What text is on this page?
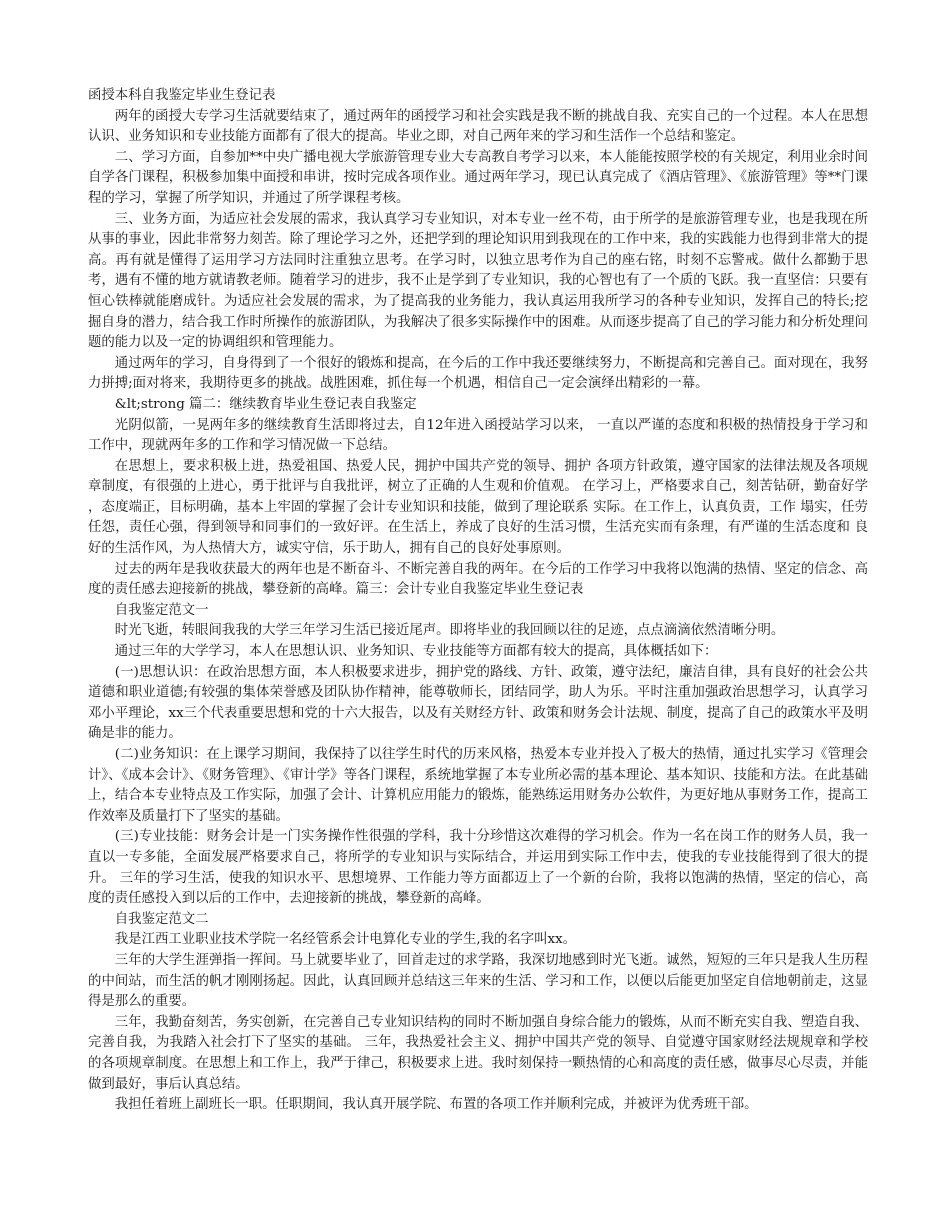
函授本科自我鉴定毕业生登记表

两年的函授大专学习生活就要结束了，通过两年的函授学习和社会实践是我不断的挑战自我、充实自己的一个过程。本人在思想认识、业务知识和专业技能方面都有了很大的提高。毕业之即，对自己两年来的学习和生活作一个总结和鉴定。

二、学习方面，自参加**中央广播电视大学旅游管理专业大专高教自考学习以来，本人能能按照学校的有关规定，利用业余时间自学各门课程，积极参加集中面授和串讲，按时完成各项作业。通过两年学习，现已认真完成了《酒店管理》、《旅游管理》等**门课程的学习，掌握了所学知识，并通过了所学课程考核。

三、业务方面，为适应社会发展的需求，我认真学习专业知识，对本专业一丝不苟，由于所学的是旅游管理专业，也是我现在所从事的事业，因此非常努力刻苦。除了理论学习之外，还把学到的理论知识用到我现在的工作中来，我的实践能力也得到非常大的提高。再有就是懂得了运用学习方法同时注重独立思考。在学习时，以独立思考作为自己的座右铭，时刻不忘警戒。做什么都勤于思考，遇有不懂的地方就请教老师。随着学习的进步，我不止是学到了专业知识，我的心智也有了一个质的飞跃。我一直坚信：只要有恒心铁棒就能磨成针。为适应社会发展的需求，为了提高我的业务能力，我认真运用我所学习的各种专业知识，发挥自己的特长;挖掘自身的潜力，结合我工作时所操作的旅游团队，为我解决了很多实际操作中的困难。从而逐步提高了自己的学习能力和分析处理问题的能力以及一定的协调组织和管理能力。

通过两年的学习，自身得到了一个很好的锻炼和提高，在今后的工作中我还要继续努力，不断提高和完善自己。面对现在，我努力拼搏;面对将来，我期待更多的挑战。战胜困难，抓住每一个机遇，相信自己一定会演绎出精彩的一幕。

&lt;strong 篇二：继续教育毕业生登记表自我鉴定

光阴似箭，一晃两年多的继续教育生活即将过去，自12年进入函授站学习以来， 一直以严谨的态度和积极的热情投身于学习和工作中，现就两年多的工作和学习情况做一下总结。

在思想上，要求积极上进，热爱祖国、热爱人民，拥护中国共产党的领导、拥护 各项方针政策，遵守国家的法律法规及各项规章制度，有很强的上进心，勇于批评与自我批评，树立了正确的人生观和价值观。 在学习上，严格要求自己，刻苦钻研，勤奋好学 ，态度端正，目标明确，基本上牢固的掌握了会计专业知识和技能，做到了理论联系 实际。在工作上，认真负责，工作 塌实，任劳任怨，责任心强，得到领导和同事们的一致好评。在生活上，养成了良好的生活习惯，生活充实而有条理，有严谨的生活态度和 良好的生活作风，为人热情大方，诚实守信，乐于助人，拥有自己的良好处事原则。

过去的两年是我收获最大的两年也是不断奋斗、不断完善自我的两年。在今后的工作学习中我将以饱满的热情、坚定的信念、高度的责任感去迎接新的挑战，攀登新的高峰。篇三：会计专业自我鉴定毕业生登记表

自我鉴定范文一

时光飞逝，转眼间我我的大学三年学习生活已接近尾声。即将毕业的我回顾以往的足迹，点点滴滴依然清晰分明。

通过三年的大学学习，本人在思想认识、业务知识、专业技能等方面都有较大的提高，具体概括如下：

(一)思想认识：在政治思想方面，本人积极要求进步，拥护党的路线、方针、政策，遵守法纪，廉洁自律，具有良好的社会公共道德和职业道德;有较强的集体荣誉感及团队协作精神，能尊敬师长，团结同学，助人为乐。平时注重加强政治思想学习，认真学习邓小平理论，xx三个代表重要思想和党的十六大报告，以及有关财经方针、政策和财务会计法规、制度，提高了自己的政策水平及明确是非的能力。

(二)业务知识：在上课学习期间，我保持了以往学生时代的历来风格，热爱本专业并投入了极大的热情，通过扎实学习《管理会计》、《成本会计》、《财务管理》、《审计学》等各门课程，系统地掌握了本专业所必需的基本理论、基本知识、技能和方法。在此基础上，结合本专业特点及工作实际，加强了会计、计算机应用能力的锻炼，能熟练运用财务办公软件，为更好地从事财务工作，提高工作效率及质量打下了坚实的基础。

(三)专业技能：财务会计是一门实务操作性很强的学科，我十分珍惜这次难得的学习机会。作为一名在岗工作的财务人员，我一直以一专多能，全面发展严格要求自己，将所学的专业知识与实际结合，并运用到实际工作中去，使我的专业技能得到了很大的提升。 三年的学习生活，使我的知识水平、思想境界、工作能力等方面都迈上了一个新的台阶，我将以饱满的热情，坚定的信心，高度的责任感投入到以后的工作中，去迎接新的挑战，攀登新的高峰。

自我鉴定范文二

我是江西工业职业技术学院一名经管系会计电算化专业的学生,我的名字叫xx。

三年的大学生涯弹指一挥间。马上就要毕业了，回首走过的求学路，我深切地感到时光飞逝。诚然，短短的三年只是我人生历程的中间站，而生活的帆才刚刚扬起。因此，认真回顾并总结这三年来的生活、学习和工作，以便以后能更加坚定自信地朝前走，这显得是那么的重要。

三年，我勤奋刻苦，务实创新，在完善自己专业知识结构的同时不断加强自身综合能力的锻炼，从而不断充实自我、塑造自我、完善自我，为我踏入社会打下了坚实的基础。 三年，我热爱社会主义、拥护中国共产党的领导、自觉遵守国家财经法规规章和学校的各项规章制度。在思想上和工作上，我严于律己，积极要求上进。我时刻保持一颗热情的心和高度的责任感，做事尽心尽责，并能做到最好，事后认真总结。

我担任着班上副班长一职。任职期间，我认真开展学院、布置的各项工作并顺利完成，并被评为优秀班干部。
